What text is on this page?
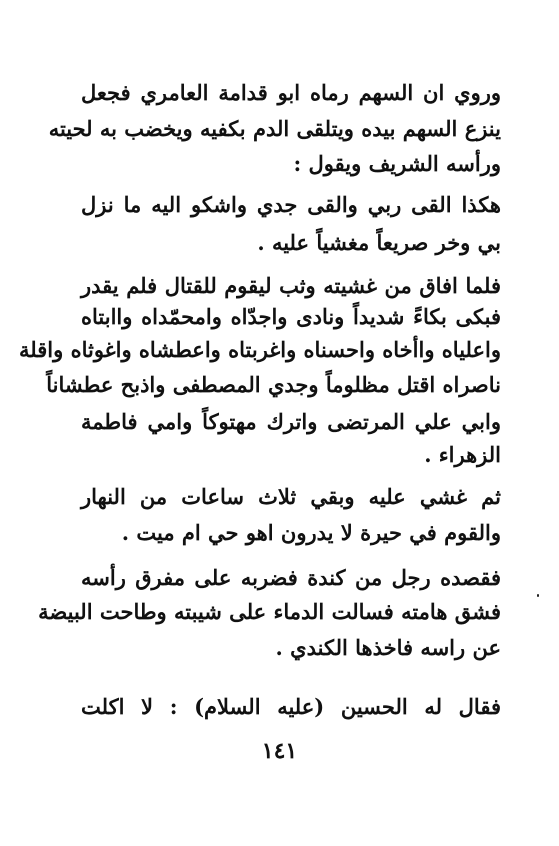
وروي ان السهم رماه ابو قدامة العامري فجعل
ينزع السهم بيده ويتلقى الدم بكفيه ويخضب به لحيته
ورأسه الشريف ويقول :
هكذا القى ربي والقى جدي واشكو اليه ما نزل
بي وخر صريعاً مغشياً عليه .
فلما افاق من غشيته وثب ليقوم للقتال فلم يقدر
فبكى بكاءً شديداً ونادى واجدّاه وامحمّداه واابتاه
واعلياه واأخاه واحسناه واغربتاه واعطشاه واغوثاه واقلة
ناصراه اقتل مظلوماً وجدي المصطفى واذبح عطشاناً
وابي علي المرتضى واترك مهتوكاً وامي فاطمة
الزهراء .
ثم غشي عليه وبقي ثلاث ساعات من النهار
والقوم في حيرة لا يدرون اهو حي ام ميت .
فقصده رجل من كندة فضربه على مفرق رأسه
فشق هامته فسالت الدماء على شيبته وطاحت البيضة
عن راسه فاخذها الكندي .
فقال له الحسين (عليه السلام) : لا اكلت
١٤١
